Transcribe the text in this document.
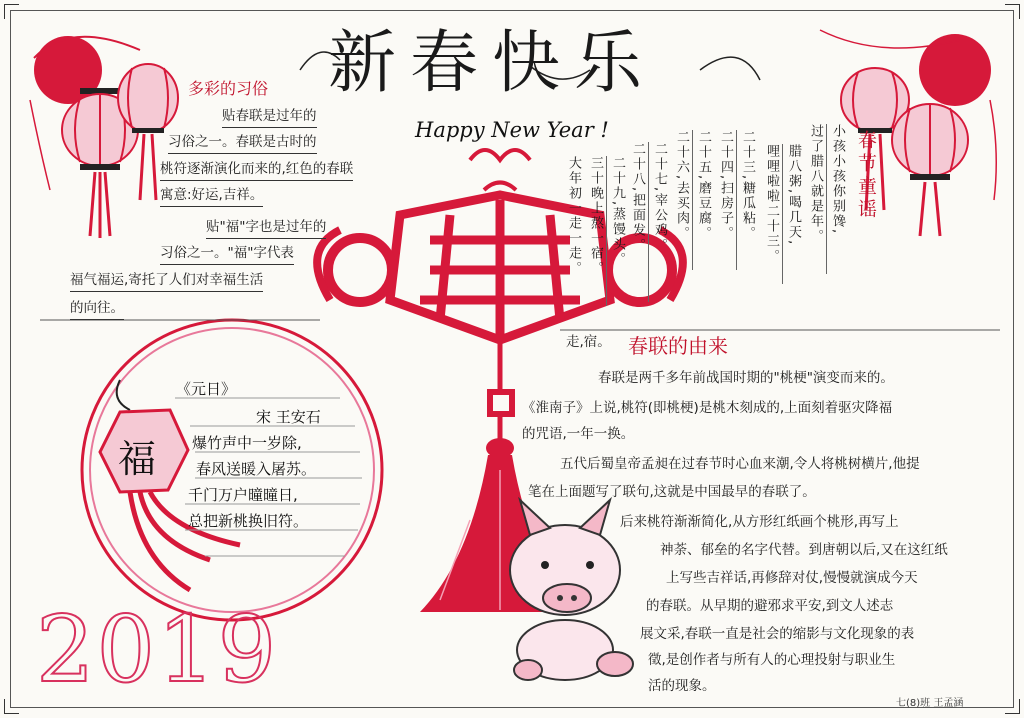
新春快乐
Happy New Year !
多彩的习俗
贴春联是过年的
习俗之一。春联是古时的
桃符逐渐演化而来的,红色的春联
寓意:好运,吉祥。
贴"福"字也是过年的
习俗之一。"福"字代表
福气福运,寄托了人们对幸福生活
的向往。
春节童谣
小孩小孩你别馋,
过了腊八就是年。
腊八粥,喝几天,
哩哩啦啦二十三。
二十三,糖瓜粘。
二十四,扫房子。
二十五,磨豆腐。
二十六,去买肉。
二十七,宰公鸡。
二十八,把面发。
二十九,蒸馒头。
三十晚上熬一宿。
大年初一走一走。
走,宿。
《元日》
宋 王安石
爆竹声中一岁除,
春风送暖入屠苏。
千门万户曈曈日,
总把新桃换旧符。
福
春联的由来
春联是两千多年前战国时期的"桃梗"演变而来的。
《淮南子》上说,桃符(即桃梗)是桃木刻成的,上面刻着驱灾降福
的咒语,一年一换。
五代后蜀皇帝孟昶在过春节时心血来潮,令人将桃树横片,他提
笔在上面题写了联句,这就是中国最早的春联了。
后来桃符渐渐简化,从方形红纸画个桃形,再写上
神荼、郁垒的名字代替。到唐朝以后,又在这红纸
上写些吉祥话,再修辞对仗,慢慢就演成今天
的春联。从早期的避邪求平安,到文人述志
展文采,春联一直是社会的缩影与文化现象的表
徵,是创作者与所有人的心理投射与职业生
活的现象。
2019
七(8)班 王孟涵
